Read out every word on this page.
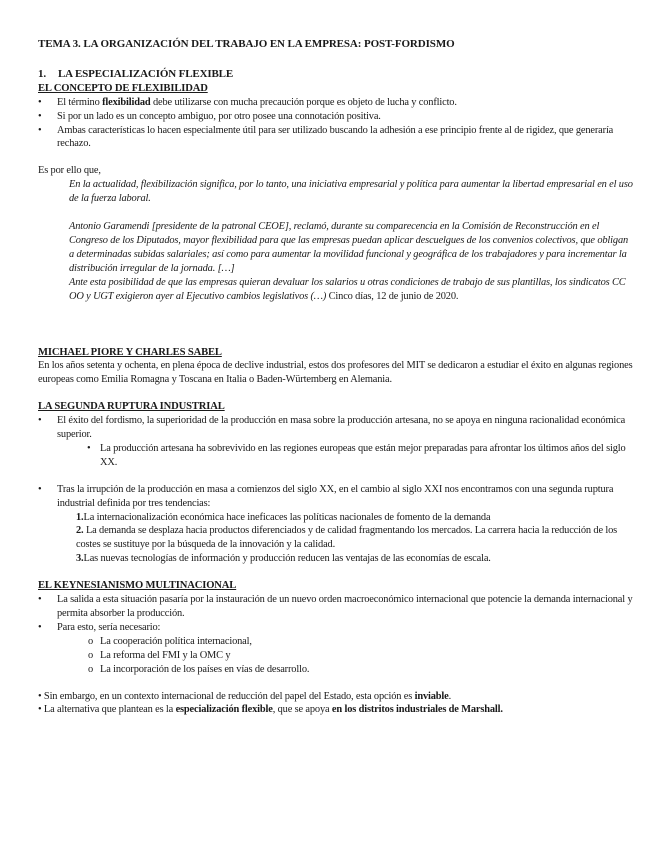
TEMA 3. LA ORGANIZACIÓN DEL TRABAJO EN LA EMPRESA: POST-FORDISMO

1. LA ESPECIALIZACIÓN FLEXIBLE

EL CONCEPTO DE FLEXIBILIDAD

• El término flexibilidad debe utilizarse con mucha precaución porque es objeto de lucha y conflicto.
• Si por un lado es un concepto ambiguo, por otro posee una connotación positiva.
• Ambas características lo hacen especialmente útil para ser utilizado buscando la adhesión a ese principio frente al de rigidez, que generaría rechazo.

Es por ello que,

En la actualidad, flexibilización significa, por lo tanto, una iniciativa empresarial y política para aumentar la libertad empresarial en el uso de la fuerza laboral.

Antonio Garamendi [presidente de la patronal CEOE], reclamó, durante su comparecencia en la Comisión de Reconstrucción en el Congreso de los Diputados, mayor flexibilidad para que las empresas puedan aplicar descuelgues de los convenios colectivos, que obligan a determinadas subidas salariales; así como para aumentar la movilidad funcional y geográfica de los trabajadores y para incrementar la distribución irregular de la jornada. […]

Ante esta posibilidad de que las empresas quieran devaluar los salarios u otras condiciones de trabajo de sus plantillas, los sindicatos CC OO y UGT exigieron ayer al Ejecutivo cambios legislativos (…) Cinco días, 12 de junio de 2020.

MICHAEL PIORE Y CHARLES SABEL

En los años setenta y ochenta, en plena época de declive industrial, estos dos profesores del MIT se dedicaron a estudiar el éxito en algunas regiones europeas como Emilia Romagna y Toscana en Italia o Baden-Würtemberg en Alemania.

LA SEGUNDA RUPTURA INDUSTRIAL

• El éxito del fordismo, la superioridad de la producción en masa sobre la producción artesana, no se apoya en ninguna racionalidad económica superior.
• La producción artesana ha sobrevivido en las regiones europeas que están mejor preparadas para afrontar los últimos años del siglo XX.
• Tras la irrupción de la producción en masa a comienzos del siglo XX, en el cambio al siglo XXI nos encontramos con una segunda ruptura industrial definida por tres tendencias:

1.La internacionalización económica hace ineficaces las políticas nacionales de fomento de la demanda

2. La demanda se desplaza hacia productos diferenciados y de calidad fragmentando los mercados. La carrera hacia la reducción de los costes se sustituye por la búsqueda de la innovación y la calidad.

3.Las nuevas tecnologías de información y producción reducen las ventajas de las economías de escala.

EL KEYNESIANISMO MULTINACIONAL

• La salida a esta situación pasaría por la instauración de un nuevo orden macroeconómico internacional que potencie la demanda internacional y permita absorber la producción.
• Para esto, sería necesario:
o La cooperación política internacional,
o La reforma del FMI y la OMC y
o La incorporación de los países en vías de desarrollo.

• Sin embargo, en un contexto internacional de reducción del papel del Estado, esta opción es inviable.

• La alternativa que plantean es la especialización flexible, que se apoya en los distritos industriales de Marshall.
